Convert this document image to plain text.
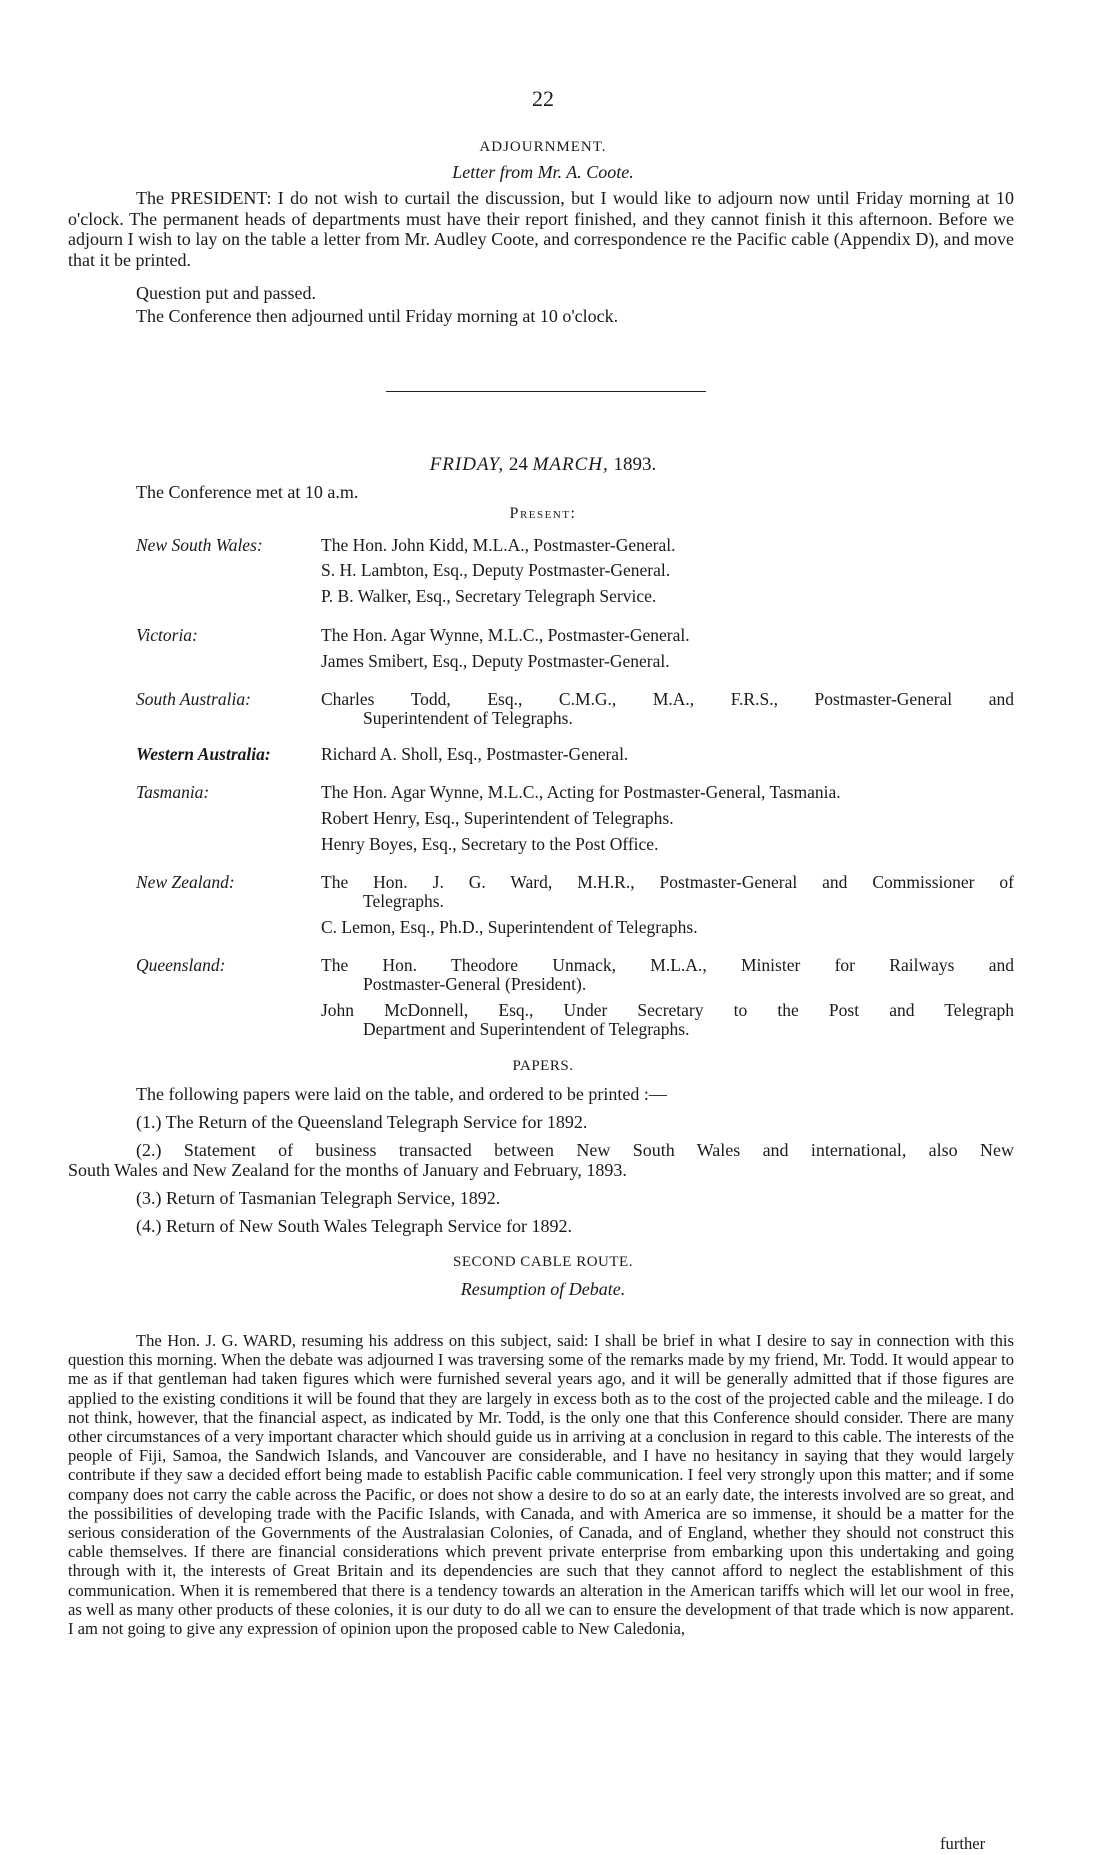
22
ADJOURNMENT.
Letter from Mr. A. Coote.
The PRESIDENT: I do not wish to curtail the discussion, but I would like to adjourn now until Friday morning at 10 o'clock. The permanent heads of departments must have their report finished, and they cannot finish it this afternoon. Before we adjourn I wish to lay on the table a letter from Mr. Audley Coote, and correspondence re the Pacific cable (Appendix D), and move that it be printed.
Question put and passed.
The Conference then adjourned until Friday morning at 10 o'clock.
FRIDAY, 24 MARCH, 1893.
The Conference met at 10 a.m.
Present:
New South Wales:	The Hon. John Kidd, M.L.A., Postmaster-General.
S. H. Lambton, Esq., Deputy Postmaster-General.
P. B. Walker, Esq., Secretary Telegraph Service.
Victoria:	The Hon. Agar Wynne, M.L.C., Postmaster-General.
James Smibert, Esq., Deputy Postmaster-General.
South Australia:	Charles Todd, Esq., C.M.G., M.A., F.R.S., Postmaster-General and
Superintendent of Telegraphs.
Western Australia:	Richard A. Sholl, Esq., Postmaster-General.
Tasmania:	The Hon. Agar Wynne, M.L.C., Acting for Postmaster-General, Tasmania.
Robert Henry, Esq., Superintendent of Telegraphs.
Henry Boyes, Esq., Secretary to the Post Office.
New Zealand:	The Hon. J. G. Ward, M.H.R., Postmaster-General and Commissioner of
Telegraphs.
C. Lemon, Esq., Ph.D., Superintendent of Telegraphs.
Queensland:	The Hon. Theodore Unmack, M.L.A., Minister for Railways and
Postmaster-General (President).
John McDonnell, Esq., Under Secretary to the Post and Telegraph
Department and Superintendent of Telegraphs.
PAPERS.
The following papers were laid on the table, and ordered to be printed :—
(1.) The Return of the Queensland Telegraph Service for 1892.
(2.) Statement of business transacted between New South Wales and international, also New
South Wales and New Zealand for the months of January and February, 1893.
(3.) Return of Tasmanian Telegraph Service, 1892.
(4.) Return of New South Wales Telegraph Service for 1892.
SECOND CABLE ROUTE.
Resumption of Debate.
The Hon. J. G. WARD, resuming his address on this subject, said: I shall be brief in what I desire to say in connection with this question this morning. When the debate was adjourned I was traversing some of the remarks made by my friend, Mr. Todd. It would appear to me as if that gentleman had taken figures which were furnished several years ago, and it will be generally admitted that if those figures are applied to the existing conditions it will be found that they are largely in excess both as to the cost of the projected cable and the mileage. I do not think, however, that the financial aspect, as indicated by Mr. Todd, is the only one that this Conference should consider. There are many other circumstances of a very important character which should guide us in arriving at a conclusion in regard to this cable. The interests of the people of Fiji, Samoa, the Sandwich Islands, and Vancouver are considerable, and I have no hesitancy in saying that they would largely contribute if they saw a decided effort being made to establish Pacific cable communication. I feel very strongly upon this matter; and if some company does not carry the cable across the Pacific, or does not show a desire to do so at an early date, the interests involved are so great, and the possibilities of developing trade with the Pacific Islands, with Canada, and with America are so immense, it should be a matter for the serious consideration of the Governments of the Australasian Colonies, of Canada, and of England, whether they should not construct this cable themselves. If there are financial considerations which prevent private enterprise from embarking upon this undertaking and going through with it, the interests of Great Britain and its dependencies are such that they cannot afford to neglect the establishment of this communication. When it is remembered that there is a tendency towards an alteration in the American tariffs which will let our wool in free, as well as many other products of these colonies, it is our duty to do all we can to ensure the development of that trade which is now apparent. I am not going to give any expression of opinion upon the proposed cable to New Caledonia,
further
